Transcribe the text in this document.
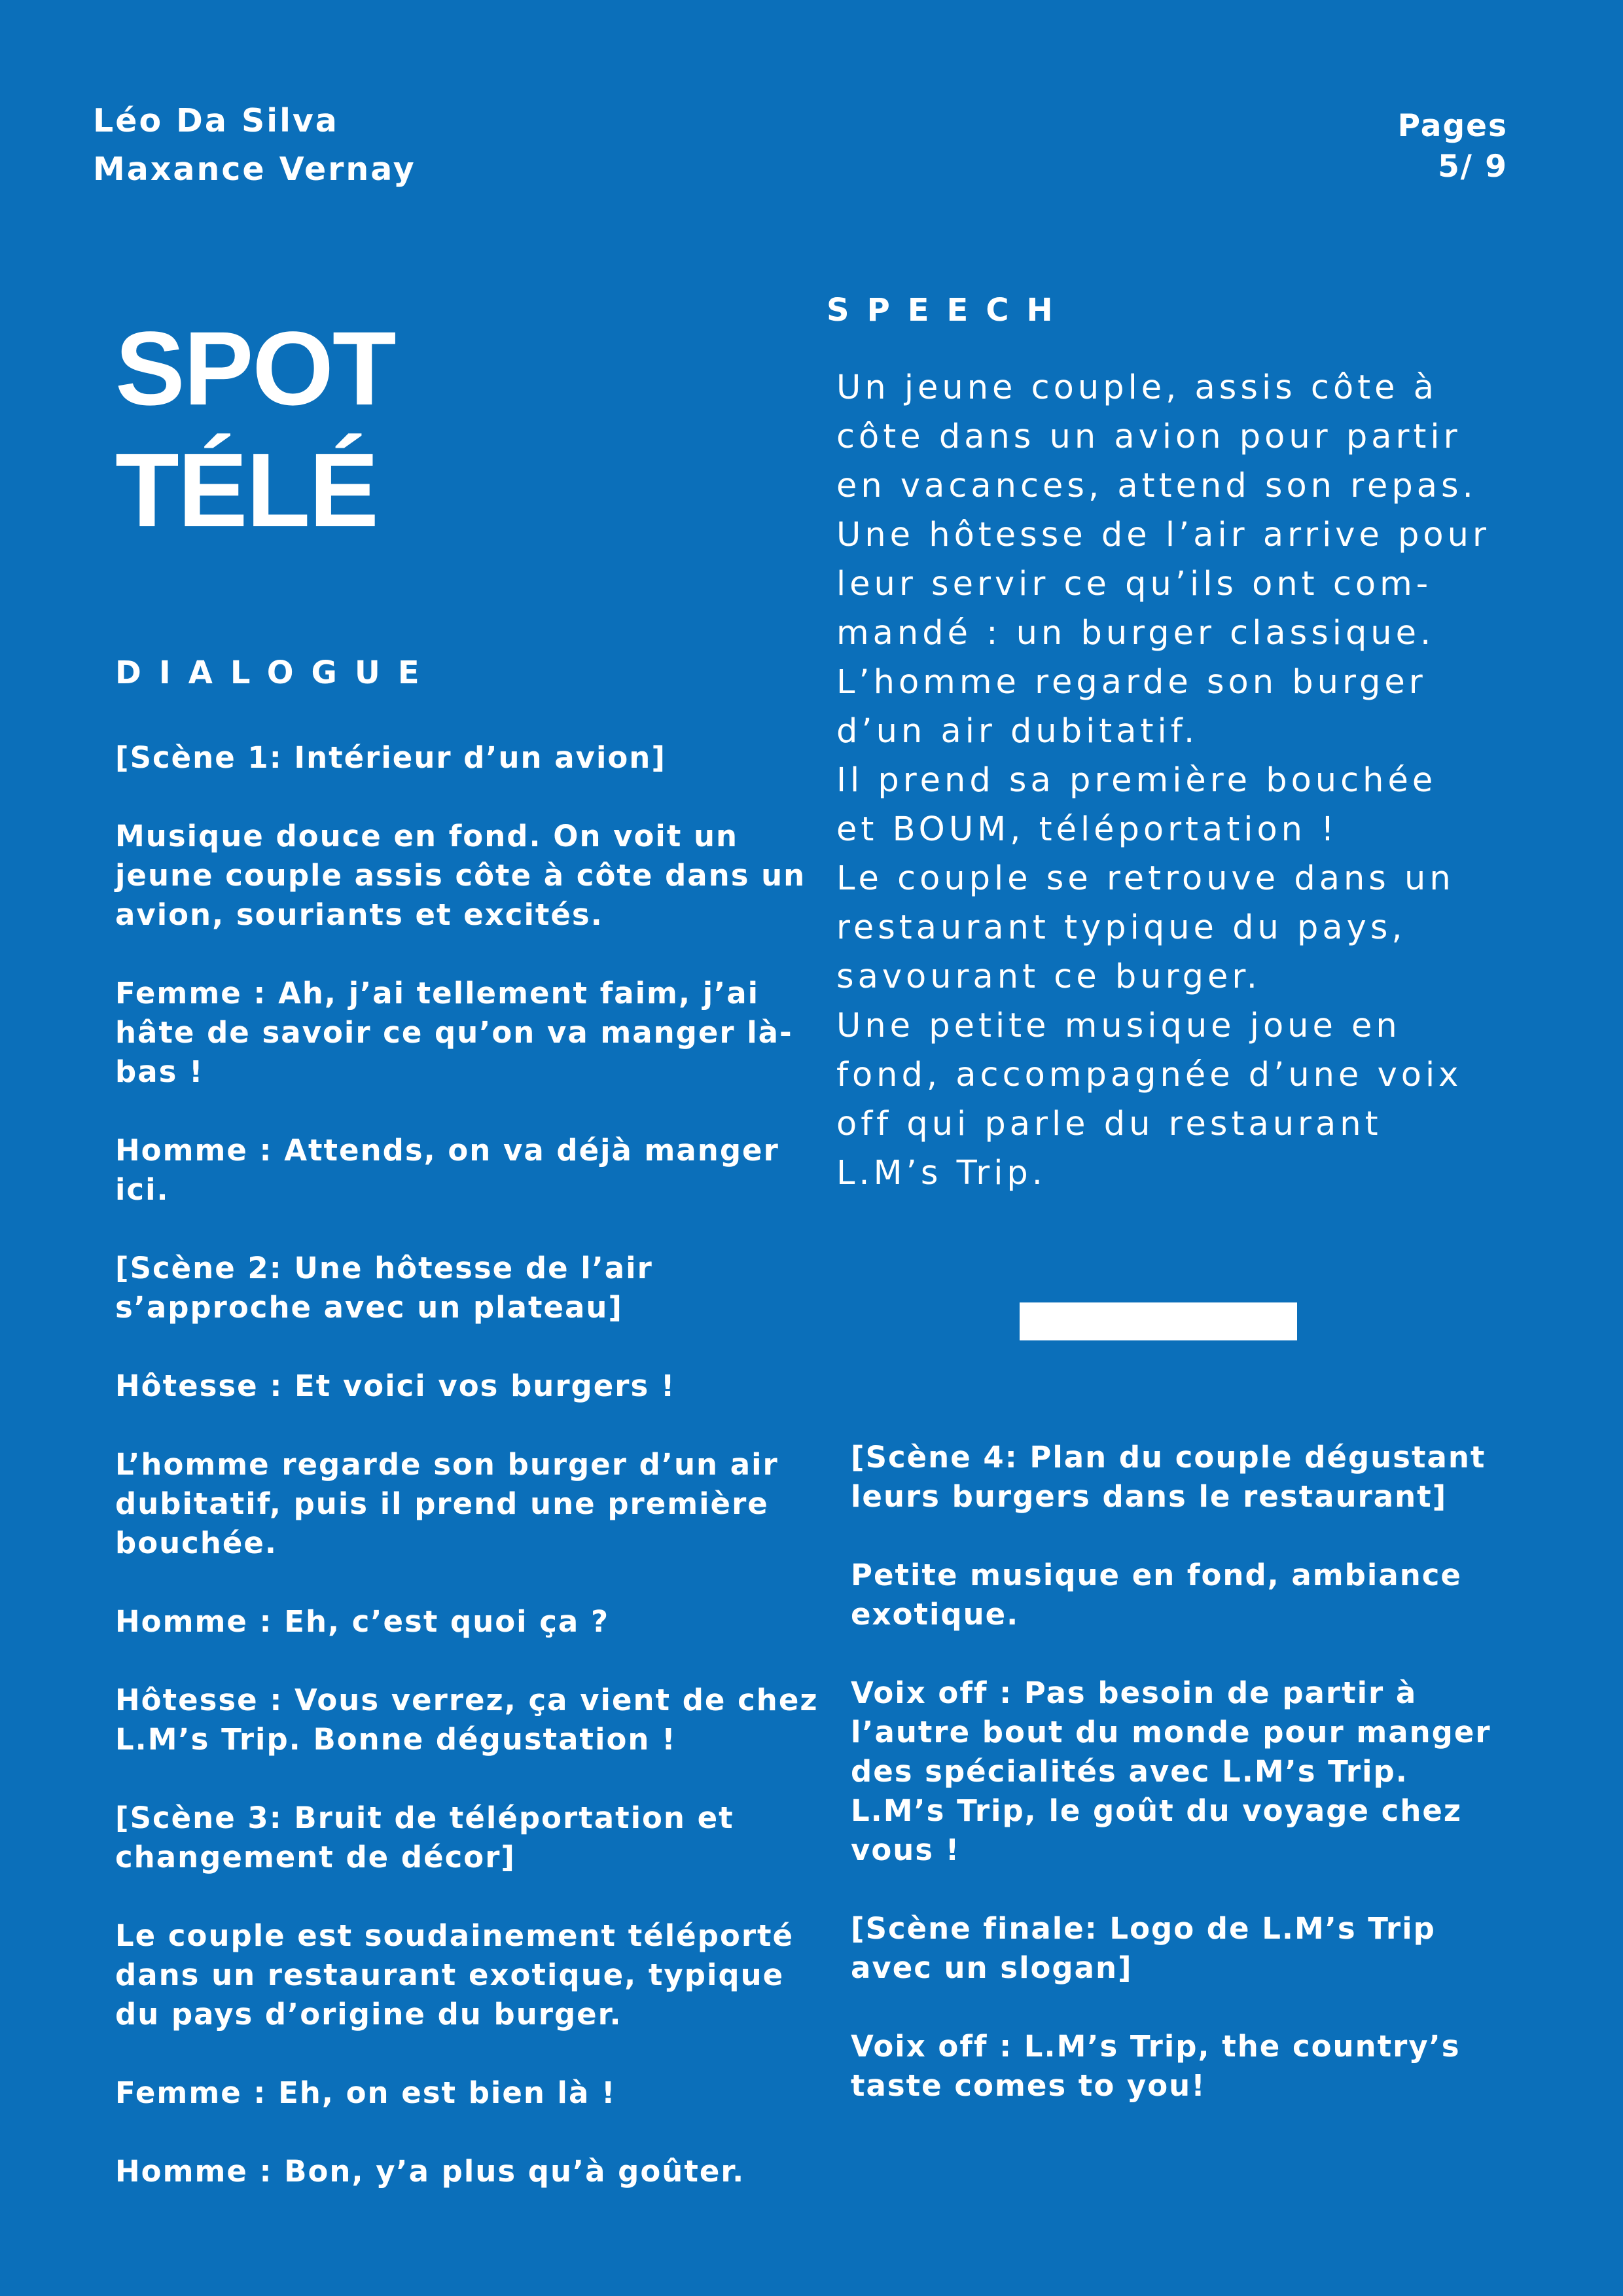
Léo Da Silva
Maxance Vernay
Pages
5/ 9
SPOT
TÉLÉ
DIALOGUE

[Scène 1: Intérieur d’un avion]

Musique douce en fond. On voit un jeune couple assis côte à côte dans un avion, souriants et excités.

Femme : Ah, j’ai tellement faim, j’ai hâte de savoir ce qu’on va manger là-bas !

Homme : Attends, on va déjà manger ici.

[Scène 2: Une hôtesse de l’air s’approche avec un plateau]

Hôtesse : Et voici vos burgers !

L’homme regarde son burger d’un air dubitatif, puis il prend une première bouchée.

Homme : Eh, c’est quoi ça ?

Hôtesse : Vous verrez, ça vient de chez L.M’s Trip. Bonne dégustation !

[Scène 3: Bruit de téléportation et changement de décor]

Le couple est soudainement téléporté dans un restaurant exotique, typique du pays d’origine du burger.

Femme : Eh, on est bien là !

Homme : Bon, y’a plus qu’à goûter.

SPEECH
Un jeune couple, assis côte à
côte dans un avion pour partir
en vacances, attend son repas.
Une hôtesse de l’air arrive pour
leur servir ce qu’ils ont com-
mandé : un burger classique.
L’homme regarde son burger
d’un air dubitatif.
Il prend sa première bouchée
et BOUM, téléportation !
Le couple se retrouve dans un
restaurant typique du pays,
savourant ce burger.
Une petite musique joue en
fond, accompagnée d’une voix
off qui parle du restaurant
L.M’s Trip.

[Scène 4: Plan du couple dégustant leurs burgers dans le restaurant]

Petite musique en fond, ambiance exotique.

Voix off : Pas besoin de partir à l’autre bout du monde pour manger des spécialités avec L.M’s Trip. L.M’s Trip, le goût du voyage chez vous !

[Scène finale: Logo de L.M’s Trip avec un slogan]

Voix off : L.M’s Trip, the country’s taste comes to you!
